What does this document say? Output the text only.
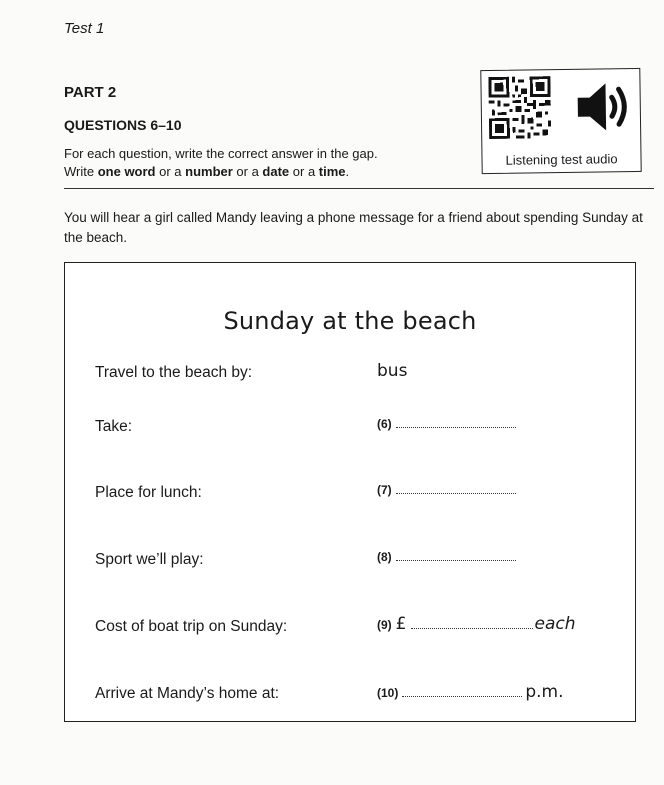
Test 1
PART 2
QUESTIONS 6–10
For each question, write the correct answer in the gap.
Write one word or a number or a date or a time.
Listening test audio
You will hear a girl called Mandy leaving a phone message for a friend about spending Sunday at the beach.
Sunday at the beach
Travel to the beach by:	bus
Take:	(6)
Place for lunch:	(7)
Sport we’ll play:	(8)
Cost of boat trip on Sunday:	(9) £	each
Arrive at Mandy’s home at:	(10)	p.m.
